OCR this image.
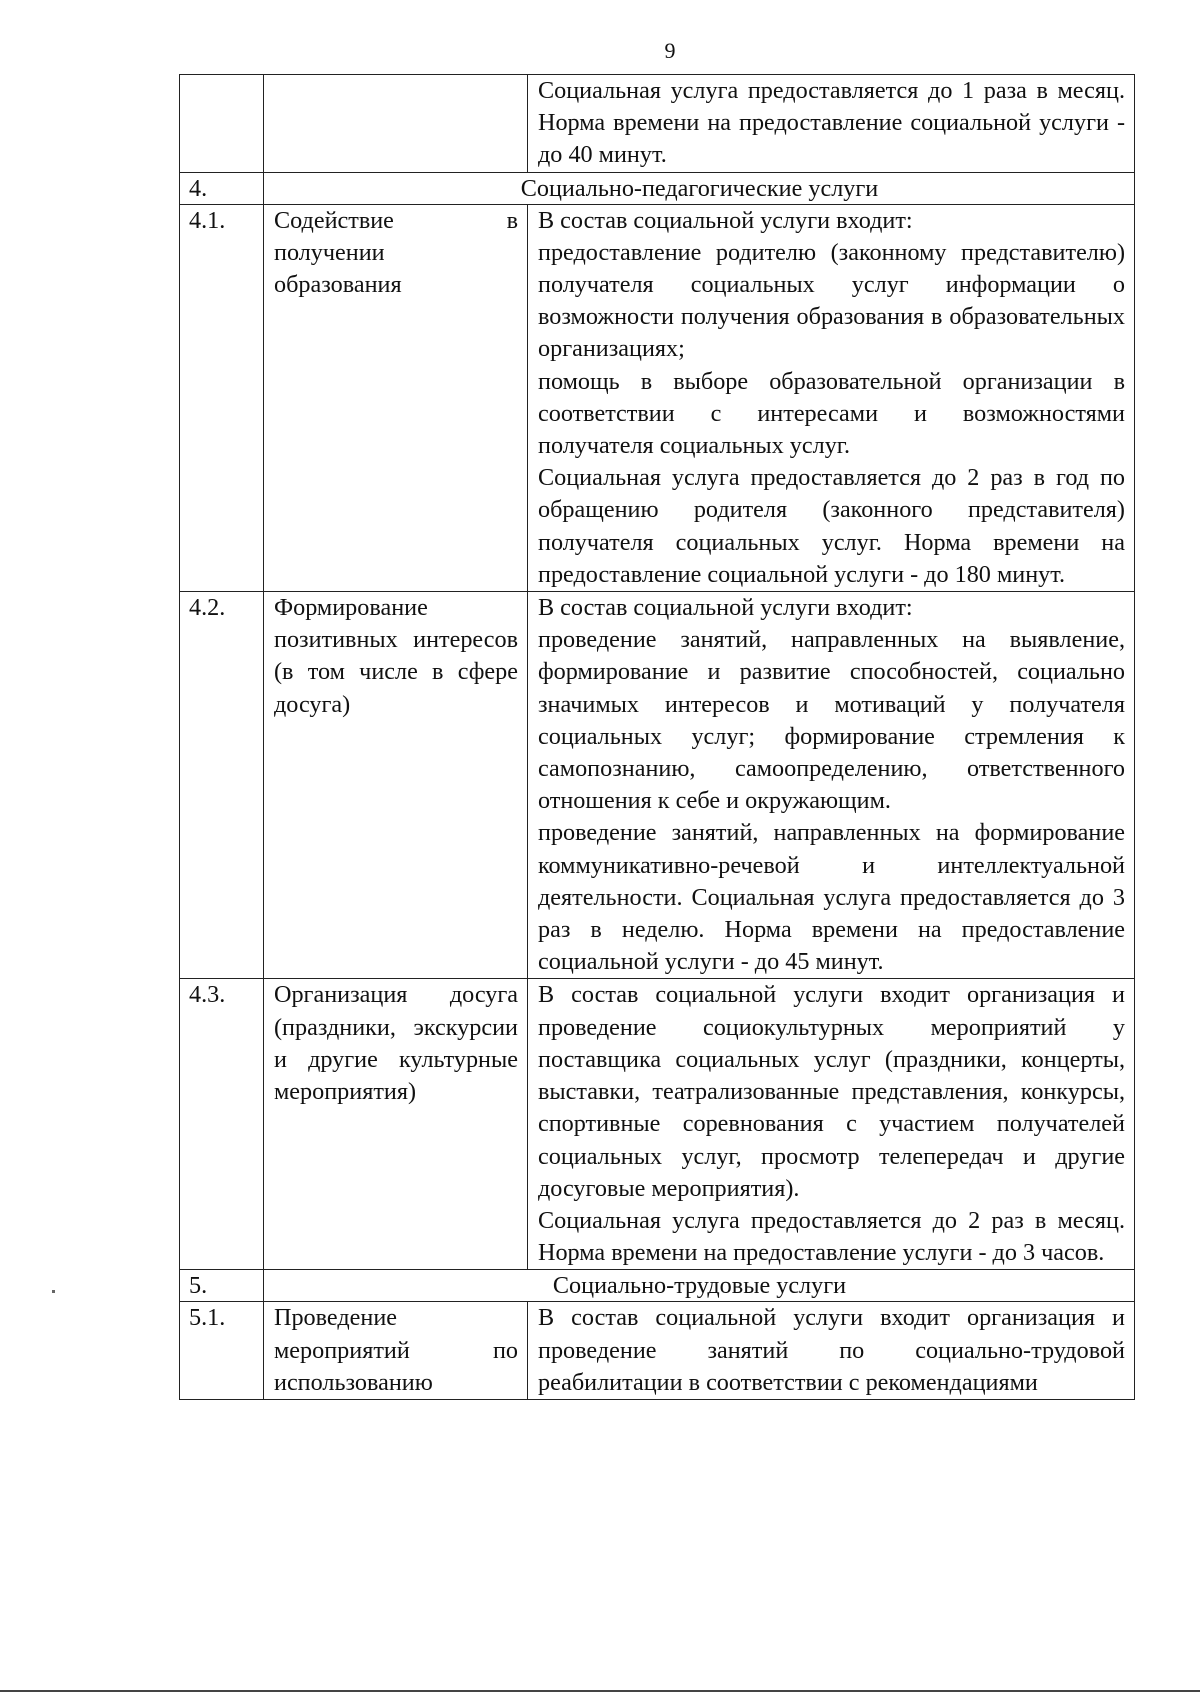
9

		Социальная услуга предоставляется до 1 раза в месяц. Норма времени на предоставление социальной услуги - до 40 минут.

4.	Социально-педагогические услуги	
4.1.	Содействие в получении образования	В состав социальной услуги входит:

предоставление родителю (законному представителю) получателя социальных услуг информации о возможности получения образования в образовательных организациях;

помощь в выборе образовательной организации в соответствии с интересами и возможностями получателя социальных услуг.

Социальная услуга предоставляется до 2 раз в год по обращению родителя (законного представителя) получателя социальных услуг. Норма времени на предоставление социальной услуги - до 180 минут.

4.2.	Формирование позитивных интересов (в том числе в сфере досуга)	В состав социальной услуги входит:

проведение занятий, направленных на выявление, формирование и развитие способностей, социально значимых интересов и мотиваций у получателя социальных услуг; формирование стремления к самопознанию, самоопределению, ответственного отношения к себе и окружающим.

проведение занятий, направленных на формирование коммуникативно-речевой и интеллектуальной деятельности. Социальная услуга предоставляется до 3 раз в неделю. Норма времени на предоставление социальной услуги - до 45 минут.

4.3.	Организация досуга (праздники, экскурсии и другие культурные мероприятия)	В состав социальной услуги входит организация и проведение социокультурных мероприятий у поставщика социальных услуг (праздники, концерты, выставки, театрализованные представления, конкурсы, спортивные соревнования с участием получателей социальных услуг, просмотр телепередач и другие досуговые мероприятия).

Социальная услуга предоставляется до 2 раз в месяц. Норма времени на предоставление услуги - до 3 часов.

5.	Социально-трудовые услуги	
5.1.	Проведение мероприятий по использованию	В состав социальной услуги входит организация и проведение занятий по социально-трудовой реабилитации в соответствии с рекомендациями
